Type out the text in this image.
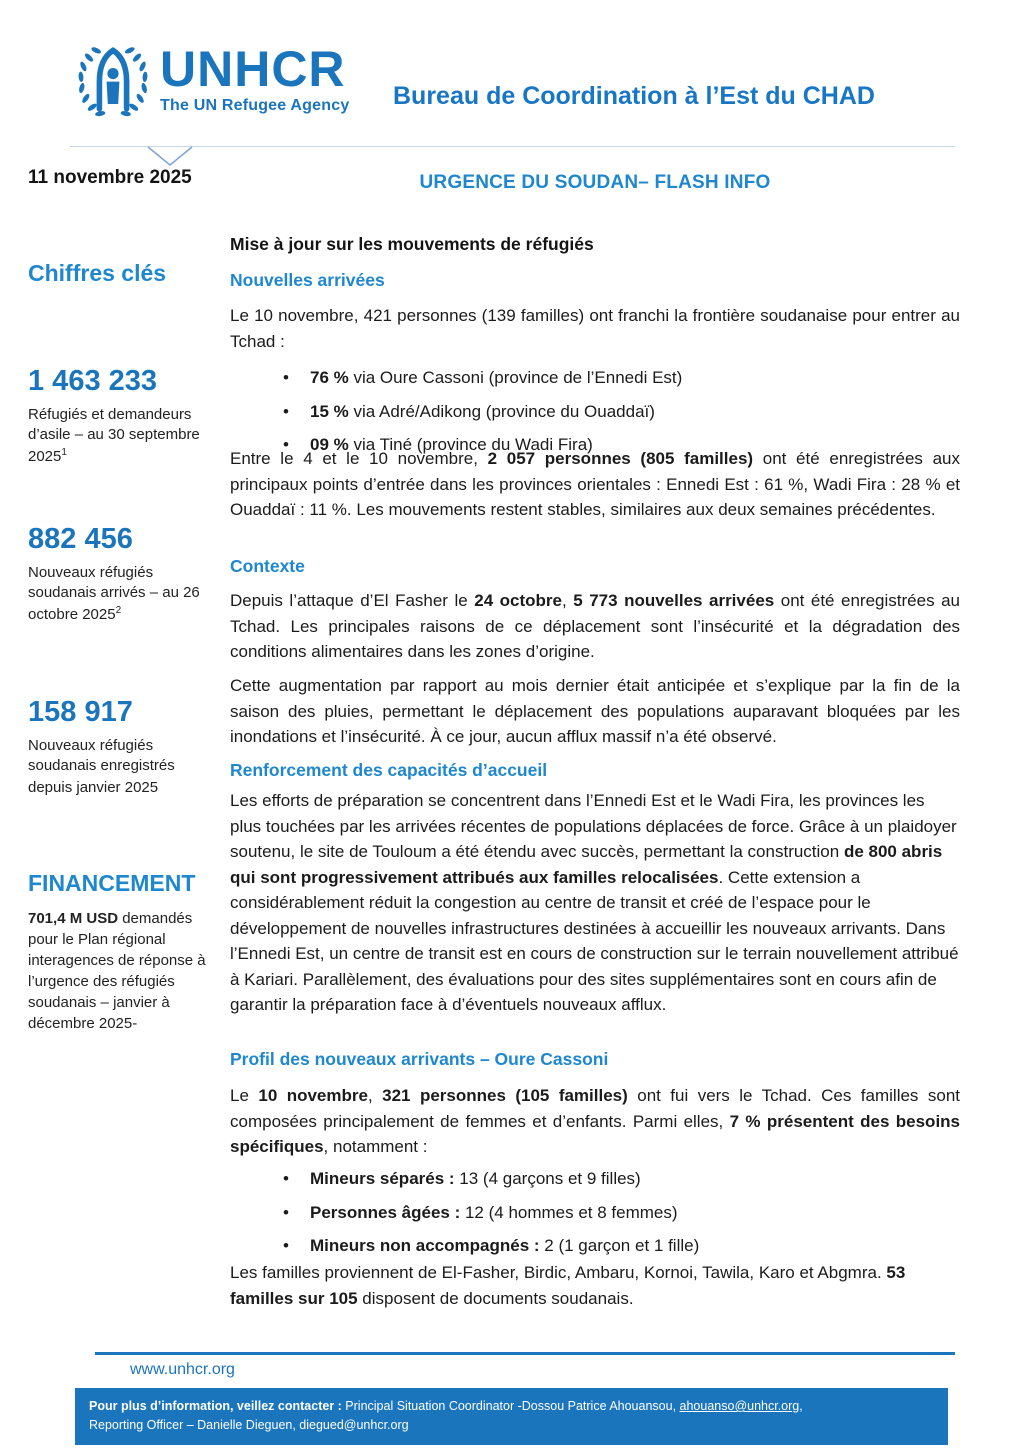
UNHCR
The UN Refugee Agency Bureau de Coordination à l’Est du CHAD
11 novembre 2025	URGENCE DU SOUDAN– FLASH INFO
Chiffres clés
1 463 233
Réfugiés et demandeurs d’asile – au 30 septembre 2025$^1$
882 456
Nouveaux réfugiés soudanais arrivés – au 26 octobre 2025$^2$
158 917
Nouveaux réfugiés soudanais enregistrés depuis janvier 2025
FINANCEMENT
701,4 M USD demandés pour le Plan régional interagences de réponse à l’urgence des réfugiés soudanais – janvier à décembre 2025-
Mise à jour sur les mouvements de réfugiés
Nouvelles arrivées
Le 10 novembre, 421 personnes (139 familles) ont franchi la frontière soudanaise pour entrer au Tchad :
• 76 % via Oure Cassoni (province de l’Ennedi Est)
• 15 % via Adré/Adikong (province du Ouaddaï)
• 09 % via Tiné (province du Wadi Fira)
Entre le 4 et le 10 novembre, 2 057 personnes (805 familles) ont été enregistrées aux principaux points d’entrée dans les provinces orientales : Ennedi Est : 61 %, Wadi Fira : 28 % et Ouaddaï : 11 %. Les mouvements restent stables, similaires aux deux semaines précédentes.
Contexte
Depuis l’attaque d’El Fasher le 24 octobre, 5 773 nouvelles arrivées ont été enregistrées au Tchad. Les principales raisons de ce déplacement sont l’insécurité et la dégradation des conditions alimentaires dans les zones d’origine.
Cette augmentation par rapport au mois dernier était anticipée et s’explique par la fin de la saison des pluies, permettant le déplacement des populations auparavant bloquées par les inondations et l’insécurité. À ce jour, aucun afflux massif n’a été observé.
Renforcement des capacités d’accueil
Les efforts de préparation se concentrent dans l’Ennedi Est et le Wadi Fira, les provinces les plus touchées par les arrivées récentes de populations déplacées de force. Grâce à un plaidoyer soutenu, le site de Touloum a été étendu avec succès, permettant la construction de 800 abris qui sont progressivement attribués aux familles relocalisées. Cette extension a considérablement réduit la congestion au centre de transit et créé de l’espace pour le développement de nouvelles infrastructures destinées à accueillir les nouveaux arrivants. Dans l’Ennedi Est, un centre de transit est en cours de construction sur le terrain nouvellement attribué à Kariari. Parallèlement, des évaluations pour des sites supplémentaires sont en cours afin de garantir la préparation face à d’éventuels nouveaux afflux.
Profil des nouveaux arrivants – Oure Cassoni
Le 10 novembre, 321 personnes (105 familles) ont fui vers le Tchad. Ces familles sont composées principalement de femmes et d’enfants. Parmi elles, 7 % présentent des besoins spécifiques, notamment :
• Mineurs séparés : 13 (4 garçons et 9 filles)
• Personnes âgées : 12 (4 hommes et 8 femmes)
• Mineurs non accompagnés : 2 (1 garçon et 1 fille)
Les familles proviennent de El-Fasher, Birdic, Ambaru, Kornoi, Tawila, Karo et Abgmra. 53 familles sur 105 disposent de documents soudanais.
www.unhcr.org
Pour plus d’information, veillez contacter : Principal Situation Coordinator -Dossou Patrice Ahouansou, ahouanso@unhcr.org,
Reporting Officer – Danielle Dieguen, diegued@unhcr.org
